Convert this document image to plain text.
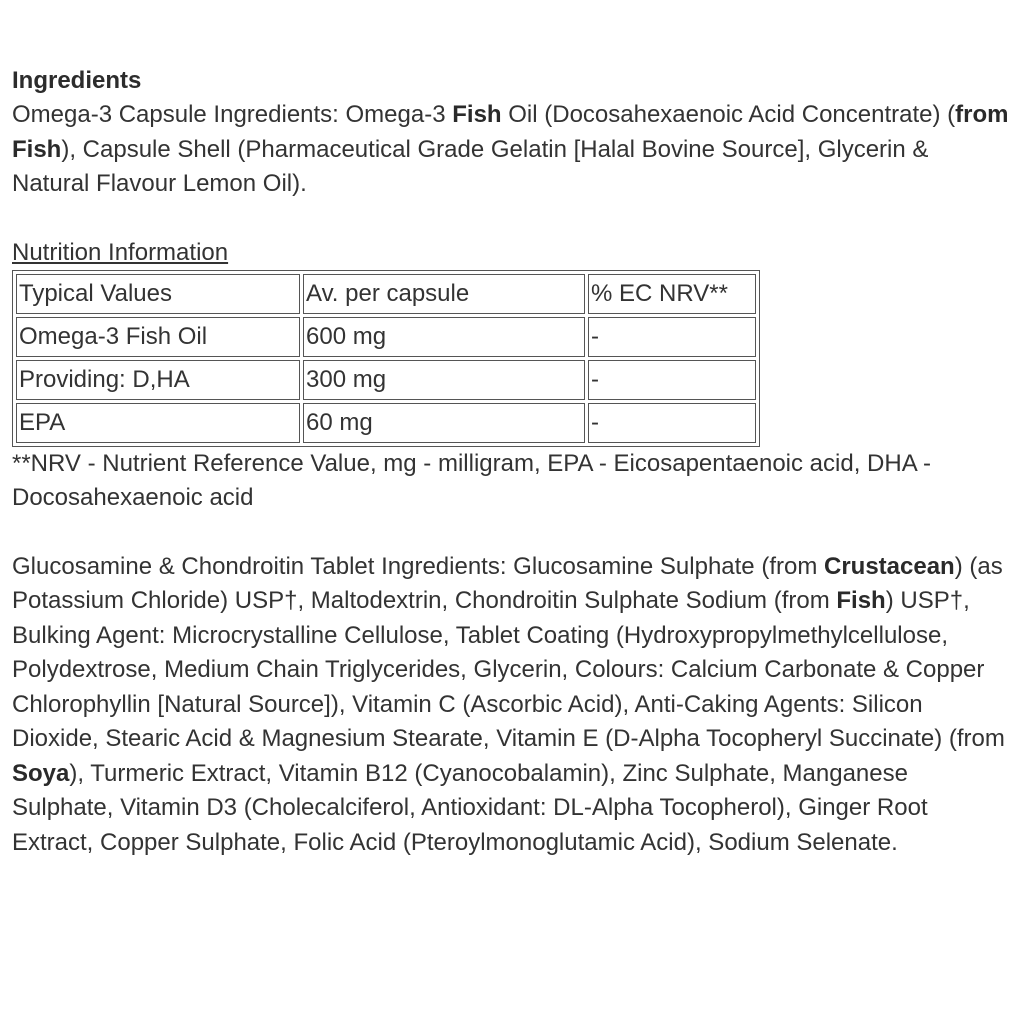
Ingredients

Omega-3 Capsule Ingredients: Omega-3 Fish Oil (Docosahexaenoic Acid Concentrate) (from Fish), Capsule Shell (Pharmaceutical Grade Gelatin [Halal Bovine Source], Glycerin & Natural Flavour Lemon Oil).

Nutrition Information

Typical Values	Av. per capsule	% EC NRV**
Omega-3 Fish Oil	600 mg	-
Providing: D,HA	300 mg	-
EPA	60 mg	-

**NRV - Nutrient Reference Value, mg - milligram, EPA - Eicosapentaenoic acid, DHA - Docosahexaenoic acid

Glucosamine & Chondroitin Tablet Ingredients: Glucosamine Sulphate (from Crustacean) (as Potassium Chloride) USP†, Maltodextrin, Chondroitin Sulphate Sodium (from Fish) USP†, Bulking Agent: Microcrystalline Cellulose, Tablet Coating (Hydroxypropylmethylcellulose, Polydextrose, Medium Chain Triglycerides, Glycerin, Colours: Calcium Carbonate & Copper Chlorophyllin [Natural Source]), Vitamin C (Ascorbic Acid), Anti-Caking Agents: Silicon Dioxide, Stearic Acid & Magnesium Stearate, Vitamin E (D-Alpha Tocopheryl Succinate) (from Soya), Turmeric Extract, Vitamin B12 (Cyanocobalamin), Zinc Sulphate, Manganese Sulphate, Vitamin D3 (Cholecalciferol, Antioxidant: DL-Alpha Tocopherol), Ginger Root Extract, Copper Sulphate, Folic Acid (Pteroylmonoglutamic Acid), Sodium Selenate.
